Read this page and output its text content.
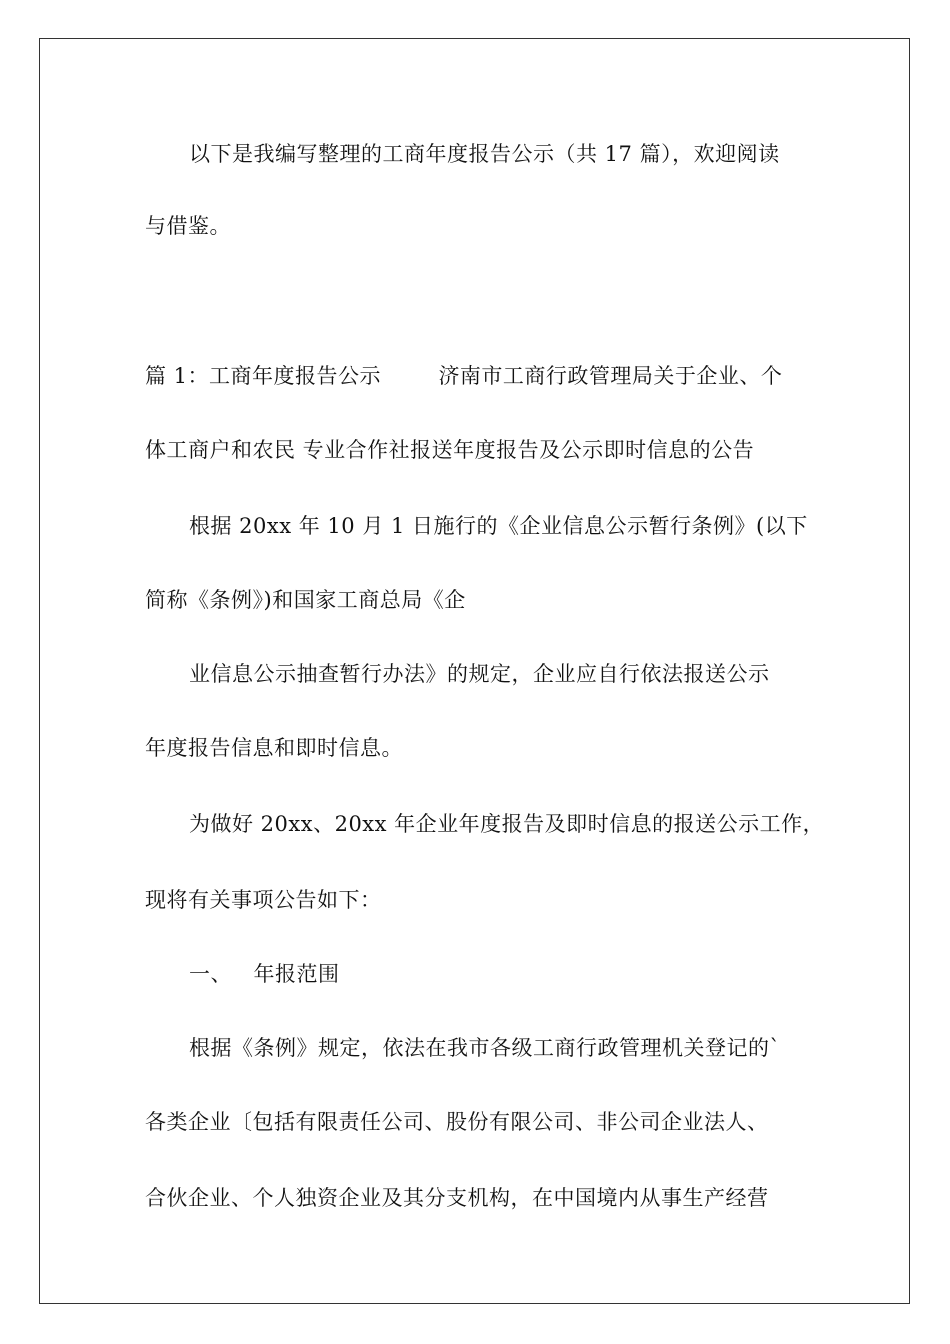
以下是我编写整理的工商年度报告公示（共 17 篇），欢迎阅读
与借鉴。
篇 1：工商年度报告公示        济南市工商行政管理局关于企业、个
体工商户和农民 专业合作社报送年度报告及公示即时信息的公告
根据 20xx 年 10 月 1 日施行的《企业信息公示暂行条例》(以下
简称《条例》)和国家工商总局《企
业信息公示抽查暂行办法》的规定，企业应自行依法报送公示
年度报告信息和即时信息。
为做好 20xx、20xx 年企业年度报告及即时信息的报送公示工作，
现将有关事项公告如下：
一、   年报范围
根据《条例》规定，依法在我市各级工商行政管理机关登记的`
各类企业〔包括有限责任公司、股份有限公司、非公司企业法人、
合伙企业、个人独资企业及其分支机构，在中国境内从事生产经营
